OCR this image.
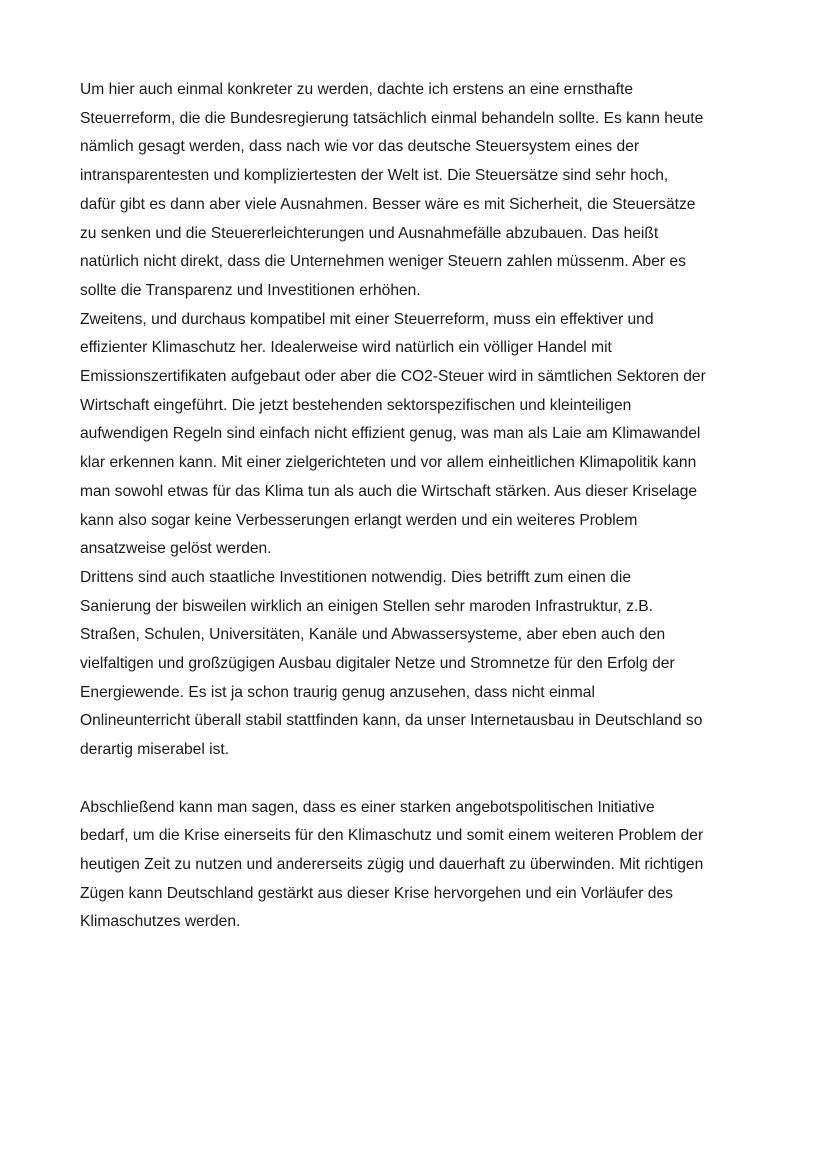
Um hier auch einmal konkreter zu werden, dachte ich erstens an eine ernsthafte
Steuerreform, die die Bundesregierung tatsächlich einmal behandeln sollte. Es kann heute
nämlich gesagt werden, dass nach wie vor das deutsche Steuersystem eines der
intransparentesten und kompliziertesten der Welt ist. Die Steuersätze sind sehr hoch,
dafür gibt es dann aber viele Ausnahmen. Besser wäre es mit Sicherheit, die Steuersätze
zu senken und die Steuererleichterungen und Ausnahmefälle abzubauen. Das heißt
natürlich nicht direkt, dass die Unternehmen weniger Steuern zahlen müssenm. Aber es
sollte die Transparenz und Investitionen erhöhen.
Zweitens, und durchaus kompatibel mit einer Steuerreform, muss ein effektiver und
effizienter Klimaschutz her. Idealerweise wird natürlich ein völliger Handel mit
Emissionszertifikaten aufgebaut oder aber die CO2-Steuer wird in sämtlichen Sektoren der
Wirtschaft eingeführt. Die jetzt bestehenden sektorspezifischen und kleinteiligen
aufwendigen Regeln sind einfach nicht effizient genug, was man als Laie am Klimawandel
klar erkennen kann. Mit einer zielgerichteten und vor allem einheitlichen Klimapolitik kann
man sowohl etwas für das Klima tun als auch die Wirtschaft stärken. Aus dieser Kriselage
kann also sogar keine Verbesserungen erlangt werden und ein weiteres Problem
ansatzweise gelöst werden.
Drittens sind auch staatliche Investitionen notwendig. Dies betrifft zum einen die
Sanierung der bisweilen wirklich an einigen Stellen sehr maroden Infrastruktur, z.B.
Straßen, Schulen, Universitäten, Kanäle und Abwassersysteme, aber eben auch den
vielfaltigen und großzügigen Ausbau digitaler Netze und Stromnetze für den Erfolg der
Energiewende. Es ist ja schon traurig genug anzusehen, dass nicht einmal
Onlineunterricht überall stabil stattfinden kann, da unser Internetausbau in Deutschland so
derartig miserabel ist.
Abschließend kann man sagen, dass es einer starken angebotspolitischen Initiative
bedarf, um die Krise einerseits für den Klimaschutz und somit einem weiteren Problem der
heutigen Zeit zu nutzen und andererseits zügig und dauerhaft zu überwinden. Mit richtigen
Zügen kann Deutschland gestärkt aus dieser Krise hervorgehen und ein Vorläufer des
Klimaschutzes werden.
